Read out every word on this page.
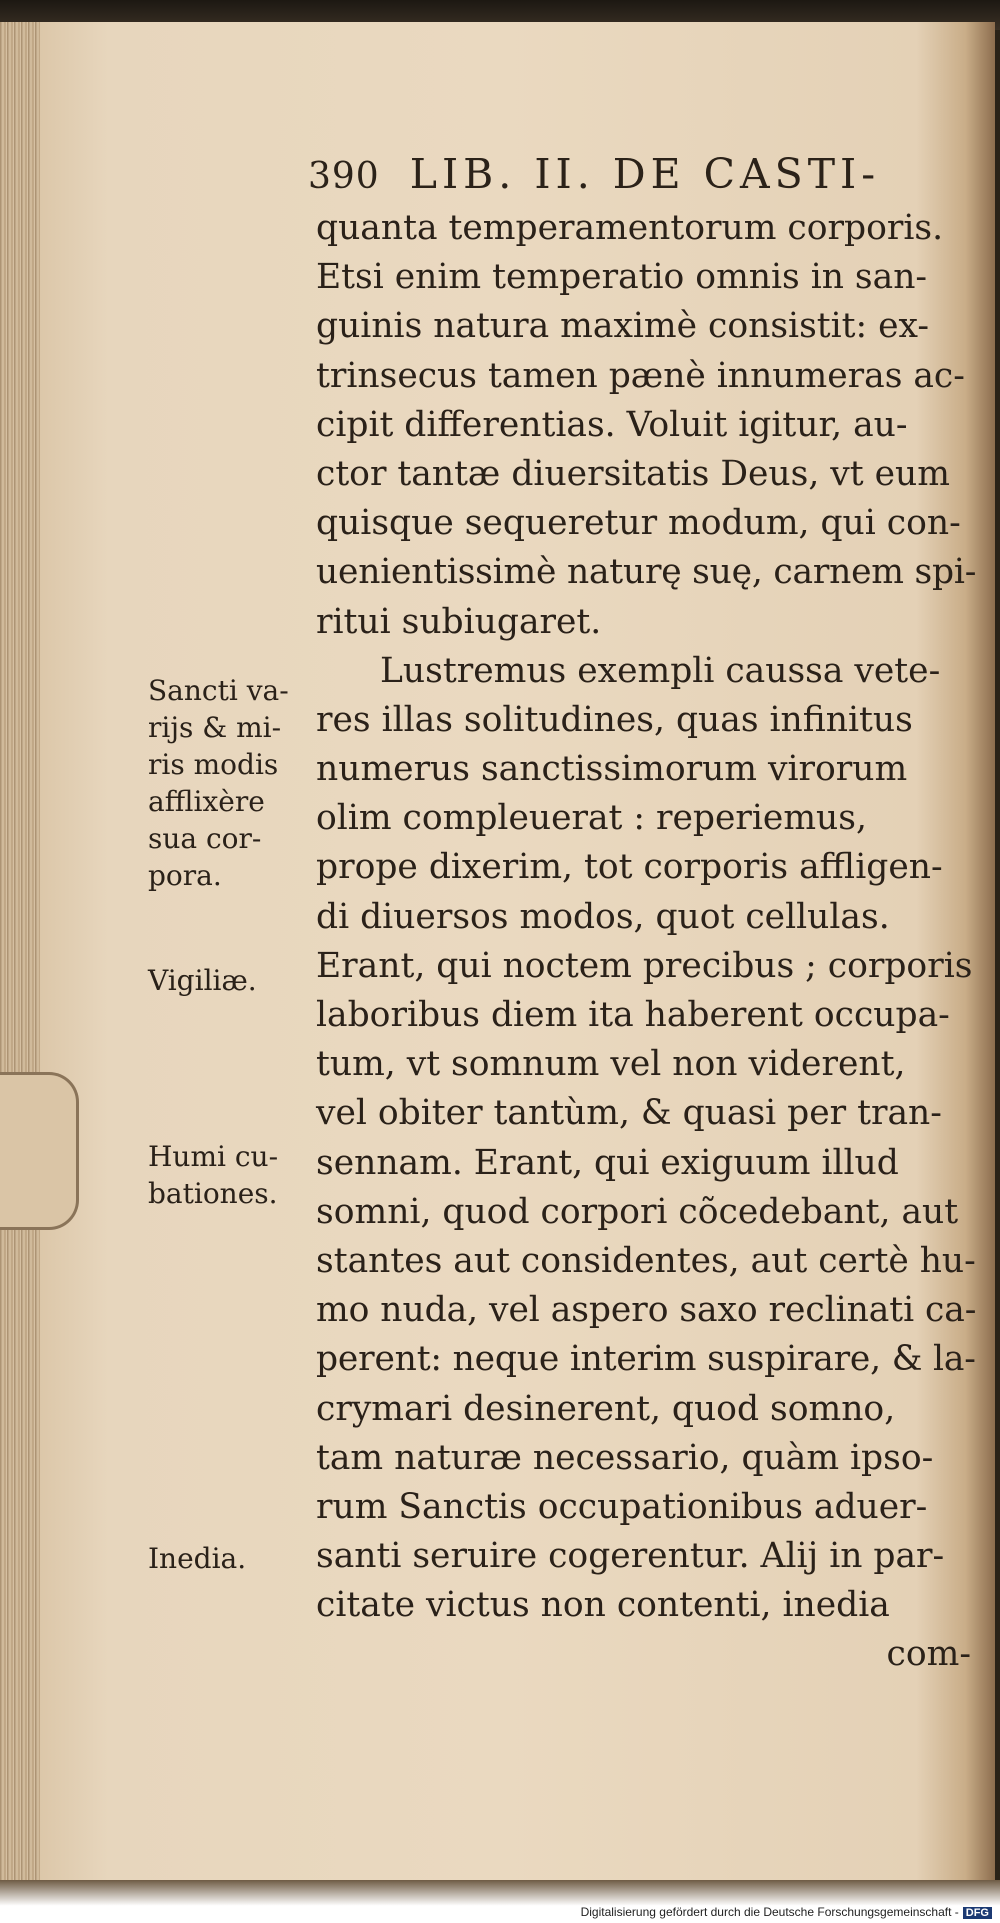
390 LIB. II. DE CASTI-
quanta temperamentorum corporis.
Etsi enim temperatio omnis in san-
guinis natura maximè consistit: ex-
trinsecus tamen pænè innumeras ac-
cipit differentias. Voluit igitur, au-
ctor tantæ diuersitatis Deus, vt eum
quisque sequeretur modum, qui con-
uenientissimè naturę suę, carnem spi-
ritui subiugaret.
Lustremus exempli caussa vete-
res illas solitudines, quas infinitus
numerus sanctissimorum virorum
olim compleuerat : reperiemus,
prope dixerim, tot corporis affligen-
di diuersos modos, quot cellulas.
Erant, qui noctem precibus ; corporis
laboribus diem ita haberent occupa-
tum, vt somnum vel non viderent,
vel obiter tantùm, & quasi per tran-
sennam. Erant, qui exiguum illud
somni, quod corpori cõcedebant, aut
stantes aut considentes, aut certè hu-
mo nuda, vel aspero saxo reclinati ca-
perent: neque interim suspirare, & la-
crymari desinerent, quod somno,
tam naturæ necessario, quàm ipso-
rum Sanctis occupationibus aduer-
santi seruire cogerentur. Alij in par-
citate victus non contenti, inedia
com-
Sancti va-
rijs & mi-
ris modis
afflixère
sua cor-
pora.
Vigiliæ.
Humi cu-
bationes.
Inedia.
Digitalisierung gefördert durch die Deutsche Forschungsgemeinschaft - DFG
